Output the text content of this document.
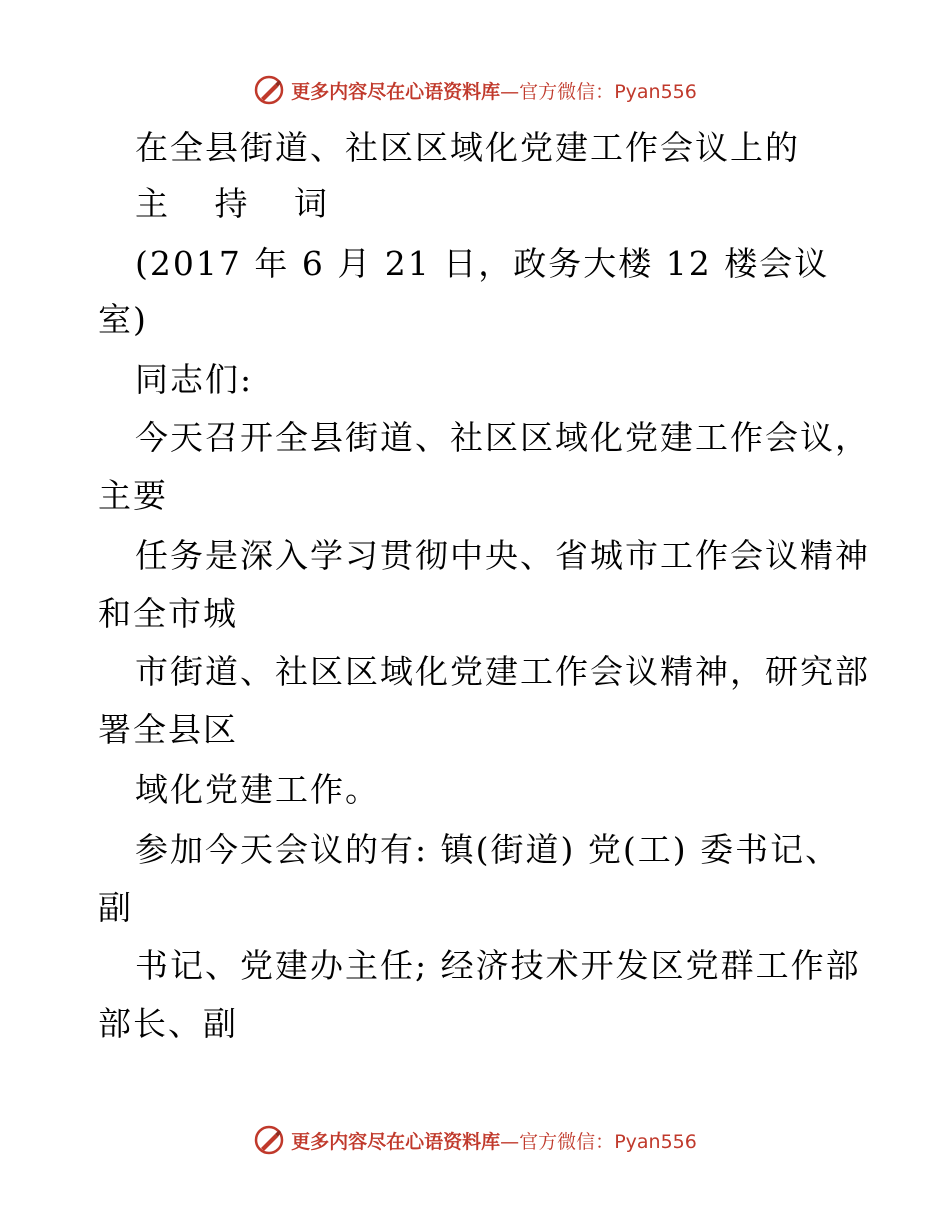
更多内容尽在心语资料库—官方微信：Pyan556
在全县街道、社区区域化党建工作会议上的
主 持 词
(2017 年 6 月 21 日，政务大楼 12 楼会议
室)
同志们:
今天召开全县街道、社区区域化党建工作会议，
主要
任务是深入学习贯彻中央、省城市工作会议精神
和全市城
市街道、社区区域化党建工作会议精神，研究部
署全县区
域化党建工作。
参加今天会议的有: 镇(街道) 党(工) 委书记、
副
书记、党建办主任; 经济技术开发区党群工作部
部长、副
更多内容尽在心语资料库—官方微信：Pyan556
